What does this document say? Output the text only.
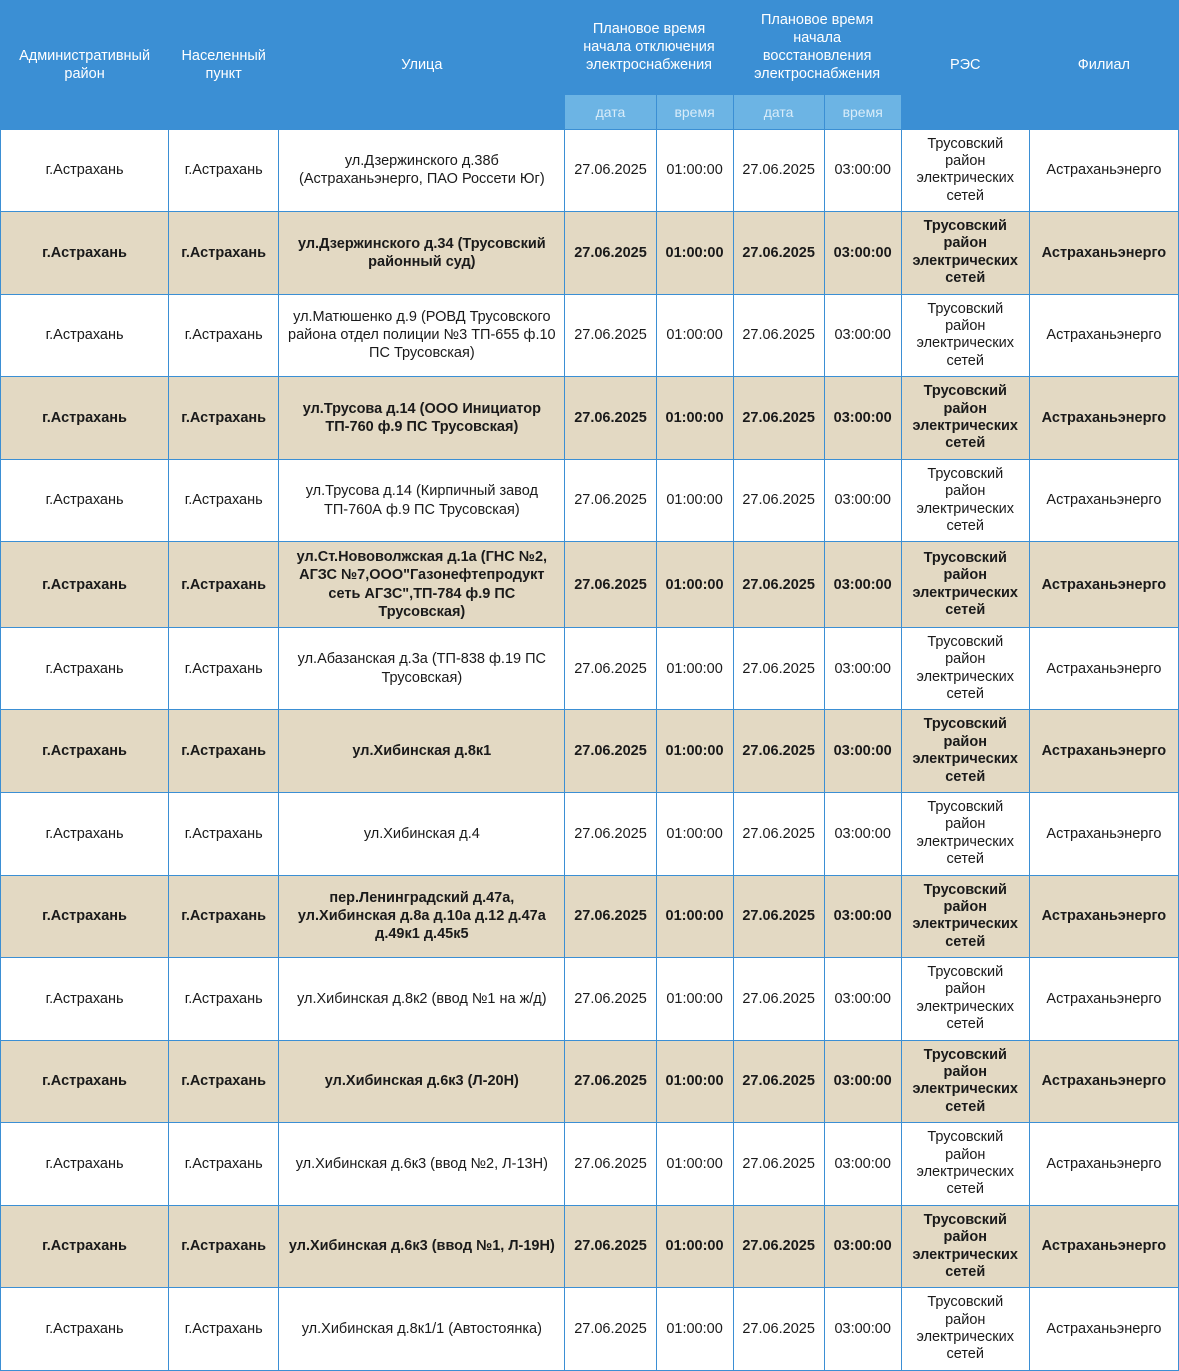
Административный район	Населенный пункт	Улица	Плановое время начала отключения электроснабжения		Плановое время начала восстановления электроснабжения		РЭС	Филиал
			дата	время	дата	время		
г.Астрахань	г.Астрахань	ул.Дзержинского д.38б (Астраханьэнерго, ПАО Россети Юг)	27.06.2025	01:00:00	27.06.2025	03:00:00	Трусовский район электрических сетей	Астраханьэнерго
г.Астрахань	г.Астрахань	ул.Дзержинского д.34 (Трусовский районный суд)	27.06.2025	01:00:00	27.06.2025	03:00:00	Трусовский район электрических сетей	Астраханьэнерго
г.Астрахань	г.Астрахань	ул.Матюшенко д.9 (РОВД Трусовского района отдел полиции №3 ТП-655 ф.10 ПС Трусовская)	27.06.2025	01:00:00	27.06.2025	03:00:00	Трусовский район электрических сетей	Астраханьэнерго
г.Астрахань	г.Астрахань	ул.Трусова д.14 (ООО Инициатор ТП-760 ф.9 ПС Трусовская)	27.06.2025	01:00:00	27.06.2025	03:00:00	Трусовский район электрических сетей	Астраханьэнерго
г.Астрахань	г.Астрахань	ул.Трусова д.14 (Кирпичный завод ТП-760А ф.9 ПС Трусовская)	27.06.2025	01:00:00	27.06.2025	03:00:00	Трусовский район электрических сетей	Астраханьэнерго
г.Астрахань	г.Астрахань	ул.Ст.Нововолжская д.1а (ГНС №2, АГЗС №7,ООО"Газонефтепродукт сеть АГЗС",ТП-784 ф.9 ПС Трусовская)	27.06.2025	01:00:00	27.06.2025	03:00:00	Трусовский район электрических сетей	Астраханьэнерго
г.Астрахань	г.Астрахань	ул.Абазанская д.3а (ТП-838 ф.19 ПС Трусовская)	27.06.2025	01:00:00	27.06.2025	03:00:00	Трусовский район электрических сетей	Астраханьэнерго
г.Астрахань	г.Астрахань	ул.Хибинская д.8к1	27.06.2025	01:00:00	27.06.2025	03:00:00	Трусовский район электрических сетей	Астраханьэнерго
г.Астрахань	г.Астрахань	ул.Хибинская д.4	27.06.2025	01:00:00	27.06.2025	03:00:00	Трусовский район электрических сетей	Астраханьэнерго
г.Астрахань	г.Астрахань	пер.Ленинградский д.47а, ул.Хибинская д.8а д.10а д.12 д.47а д.49к1 д.45к5	27.06.2025	01:00:00	27.06.2025	03:00:00	Трусовский район электрических сетей	Астраханьэнерго
г.Астрахань	г.Астрахань	ул.Хибинская д.8к2 (ввод №1 на ж/д)	27.06.2025	01:00:00	27.06.2025	03:00:00	Трусовский район электрических сетей	Астраханьэнерго
г.Астрахань	г.Астрахань	ул.Хибинская д.6к3 (Л-20Н)	27.06.2025	01:00:00	27.06.2025	03:00:00	Трусовский район электрических сетей	Астраханьэнерго
г.Астрахань	г.Астрахань	ул.Хибинская д.6к3 (ввод №2, Л-13Н)	27.06.2025	01:00:00	27.06.2025	03:00:00	Трусовский район электрических сетей	Астраханьэнерго
г.Астрахань	г.Астрахань	ул.Хибинская д.6к3 (ввод №1, Л-19Н)	27.06.2025	01:00:00	27.06.2025	03:00:00	Трусовский район электрических сетей	Астраханьэнерго
г.Астрахань	г.Астрахань	ул.Хибинская д.8к1/1 (Автостоянка)	27.06.2025	01:00:00	27.06.2025	03:00:00	Трусовский район электрических сетей	Астраханьэнерго
